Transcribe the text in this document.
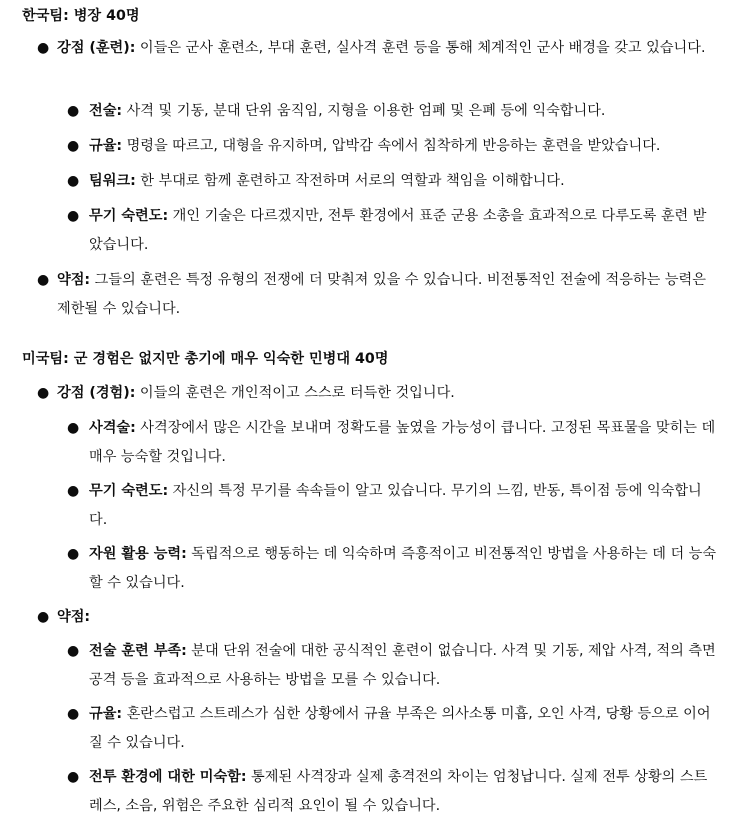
한국팀: 병장 40명

● 강점 (훈련): 이들은 군사 훈련소, 부대 훈련, 실사격 훈련 등을 통해 체계적인 군사 배경을 갖고 있습니다.

● 전술: 사격 및 기동, 분대 단위 움직임, 지형을 이용한 엄폐 및 은폐 등에 익숙합니다.

● 규율: 명령을 따르고, 대형을 유지하며, 압박감 속에서 침착하게 반응하는 훈련을 받았습니다.

● 팀워크: 한 부대로 함께 훈련하고 작전하며 서로의 역할과 책임을 이해합니다.

● 무기 숙련도: 개인 기술은 다르겠지만, 전투 환경에서 표준 군용 소총을 효과적으로 다루도록 훈련 받았습니다.

● 약점: 그들의 훈련은 특정 유형의 전쟁에 더 맞춰져 있을 수 있습니다. 비전통적인 전술에 적응하는 능력은 제한될 수 있습니다.

미국팀: 군 경험은 없지만 총기에 매우 익숙한 민병대 40명

● 강점 (경험): 이들의 훈련은 개인적이고 스스로 터득한 것입니다.

● 사격술: 사격장에서 많은 시간을 보내며 정확도를 높였을 가능성이 큽니다. 고정된 목표물을 맞히는 데 매우 능숙할 것입니다.

● 무기 숙련도: 자신의 특정 무기를 속속들이 알고 있습니다. 무기의 느낌, 반동, 특이점 등에 익숙합니다.

● 자원 활용 능력: 독립적으로 행동하는 데 익숙하며 즉흥적이고 비전통적인 방법을 사용하는 데 더 능숙할 수 있습니다.

● 약점:

● 전술 훈련 부족: 분대 단위 전술에 대한 공식적인 훈련이 없습니다. 사격 및 기동, 제압 사격, 적의 측면 공격 등을 효과적으로 사용하는 방법을 모를 수 있습니다.

● 규율: 혼란스럽고 스트레스가 심한 상황에서 규율 부족은 의사소통 미흡, 오인 사격, 당황 등으로 이어질 수 있습니다.

● 전투 환경에 대한 미숙함: 통제된 사격장과 실제 총격전의 차이는 엄청납니다. 실제 전투 상황의 스트레스, 소음, 위험은 주요한 심리적 요인이 될 수 있습니다.
